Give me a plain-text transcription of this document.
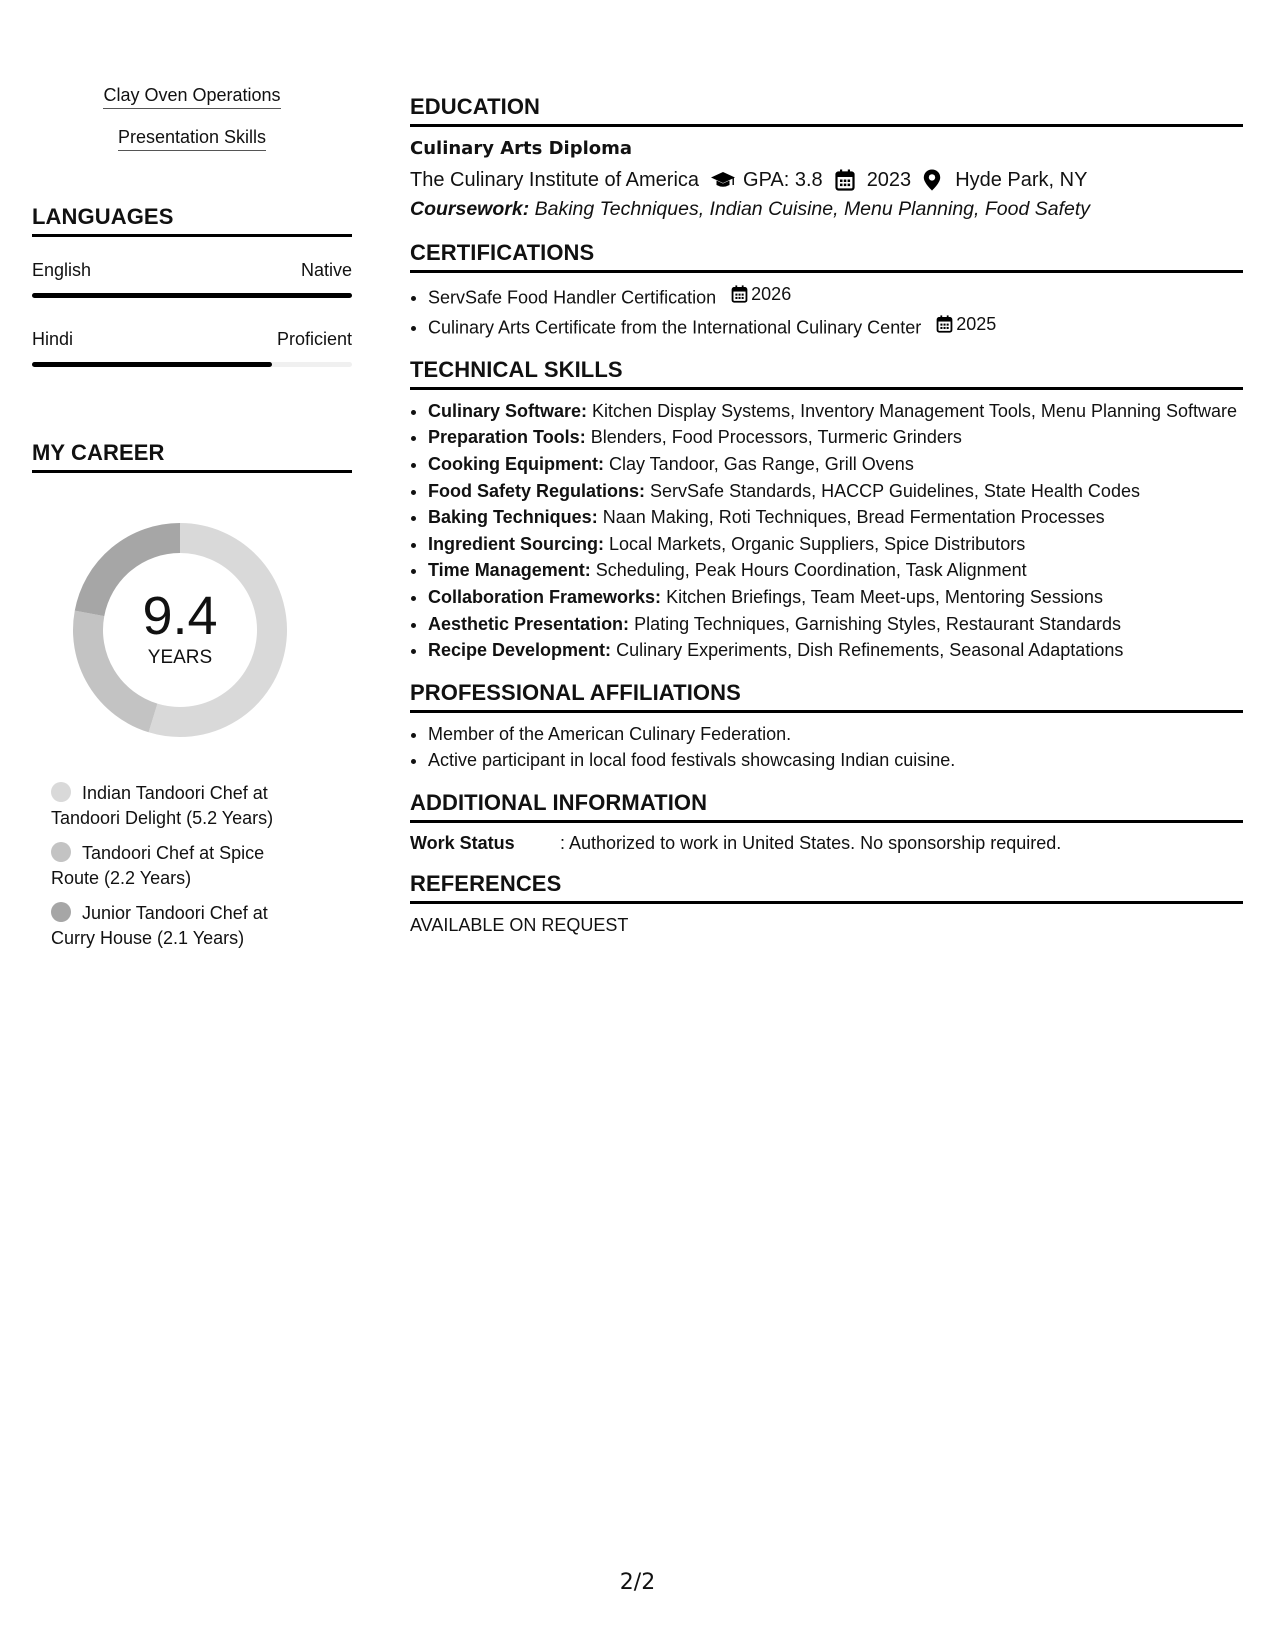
Clay Oven Operations
Presentation Skills
LANGUAGES
English	Native
Hindi	Proficient
MY CAREER
9.4
YEARS
Indian Tandoori Chef at Tandoori Delight (5.2 Years)
Tandoori Chef at Spice Route (2.2 Years)
Junior Tandoori Chef at Curry House (2.1 Years)
EDUCATION
Culinary Arts Diploma
The Culinary Institute of America GPA: 3.8 2023 Hyde Park, NY
Coursework: Baking Techniques, Indian Cuisine, Menu Planning, Food Safety
CERTIFICATIONS
• ServSafe Food Handler Certification 2026
• Culinary Arts Certificate from the International Culinary Center 2025
TECHNICAL SKILLS
• Culinary Software: Kitchen Display Systems, Inventory Management Tools, Menu Planning Software
• Preparation Tools: Blenders, Food Processors, Turmeric Grinders
• Cooking Equipment: Clay Tandoor, Gas Range, Grill Ovens
• Food Safety Regulations: ServSafe Standards, HACCP Guidelines, State Health Codes
• Baking Techniques: Naan Making, Roti Techniques, Bread Fermentation Processes
• Ingredient Sourcing: Local Markets, Organic Suppliers, Spice Distributors
• Time Management: Scheduling, Peak Hours Coordination, Task Alignment
• Collaboration Frameworks: Kitchen Briefings, Team Meet-ups, Mentoring Sessions
• Aesthetic Presentation: Plating Techniques, Garnishing Styles, Restaurant Standards
• Recipe Development: Culinary Experiments, Dish Refinements, Seasonal Adaptations
PROFESSIONAL AFFILIATIONS
• Member of the American Culinary Federation.
• Active participant in local food festivals showcasing Indian cuisine.
ADDITIONAL INFORMATION
Work Status	: Authorized to work in United States. No sponsorship required.
REFERENCES
AVAILABLE ON REQUEST
2/2
